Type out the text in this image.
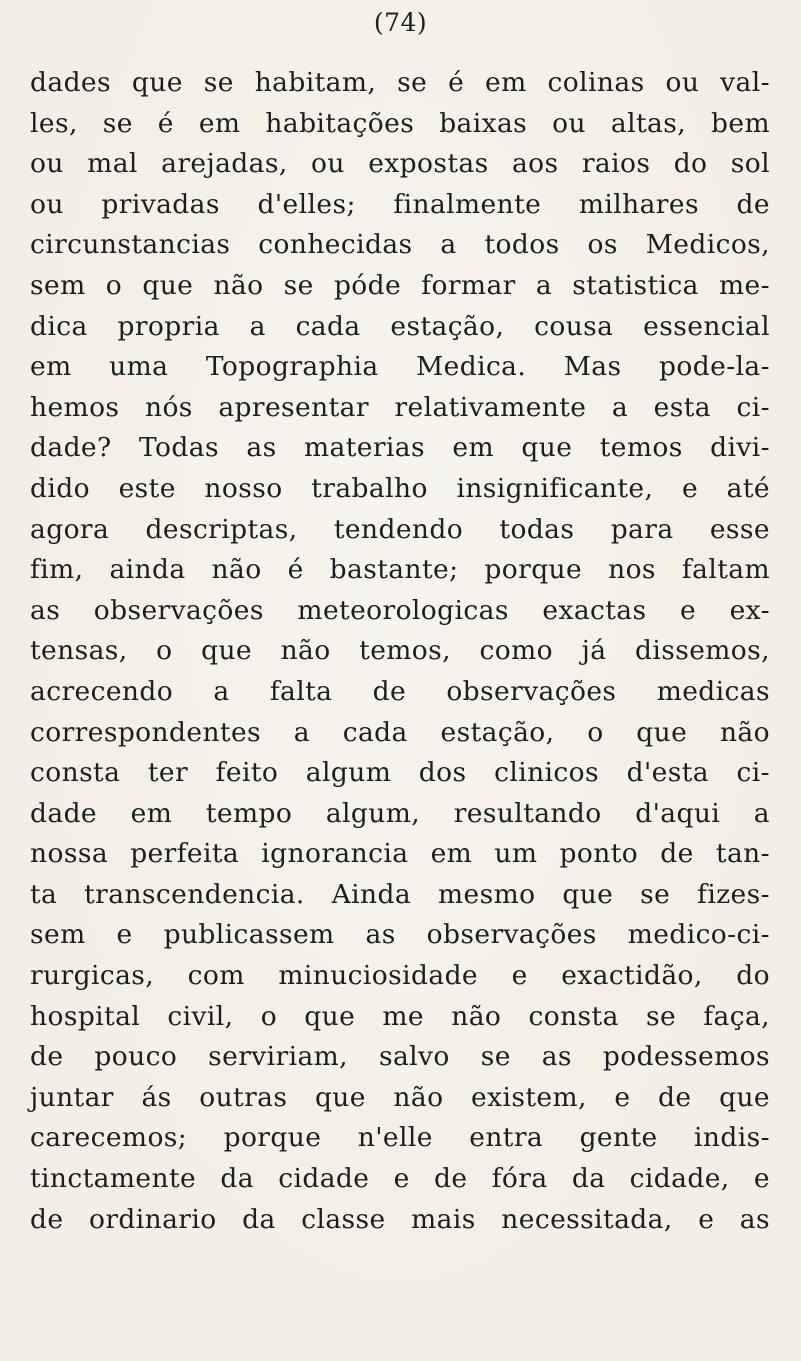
(74)
dades que se habitam, se é em colinas ou val-
les, se é em habitações baixas ou altas, bem
ou mal arejadas, ou expostas aos raios do sol
ou privadas d'elles; finalmente milhares de
circunstancias conhecidas a todos os Medicos,
sem o que não se póde formar a statistica me-
dica propria a cada estação, cousa essencial
em uma Topographia Medica. Mas pode-la-
hemos nós apresentar relativamente a esta ci-
dade? Todas as materias em que temos divi-
dido este nosso trabalho insignificante, e até
agora descriptas, tendendo todas para esse
fim, ainda não é bastante; porque nos faltam
as observações meteorologicas exactas e ex-
tensas, o que não temos, como já dissemos,
acrecendo a falta de observações medicas
correspondentes a cada estação, o que não
consta ter feito algum dos clinicos d'esta ci-
dade em tempo algum, resultando d'aqui a
nossa perfeita ignorancia em um ponto de tan-
ta transcendencia. Ainda mesmo que se fizes-
sem e publicassem as observações medico-ci-
rurgicas, com minuciosidade e exactidão, do
hospital civil, o que me não consta se faça,
de pouco serviriam, salvo se as podessemos
juntar ás outras que não existem, e de que
carecemos; porque n'elle entra gente indis-
tinctamente da cidade e de fóra da cidade, e
de ordinario da classe mais necessitada, e as
